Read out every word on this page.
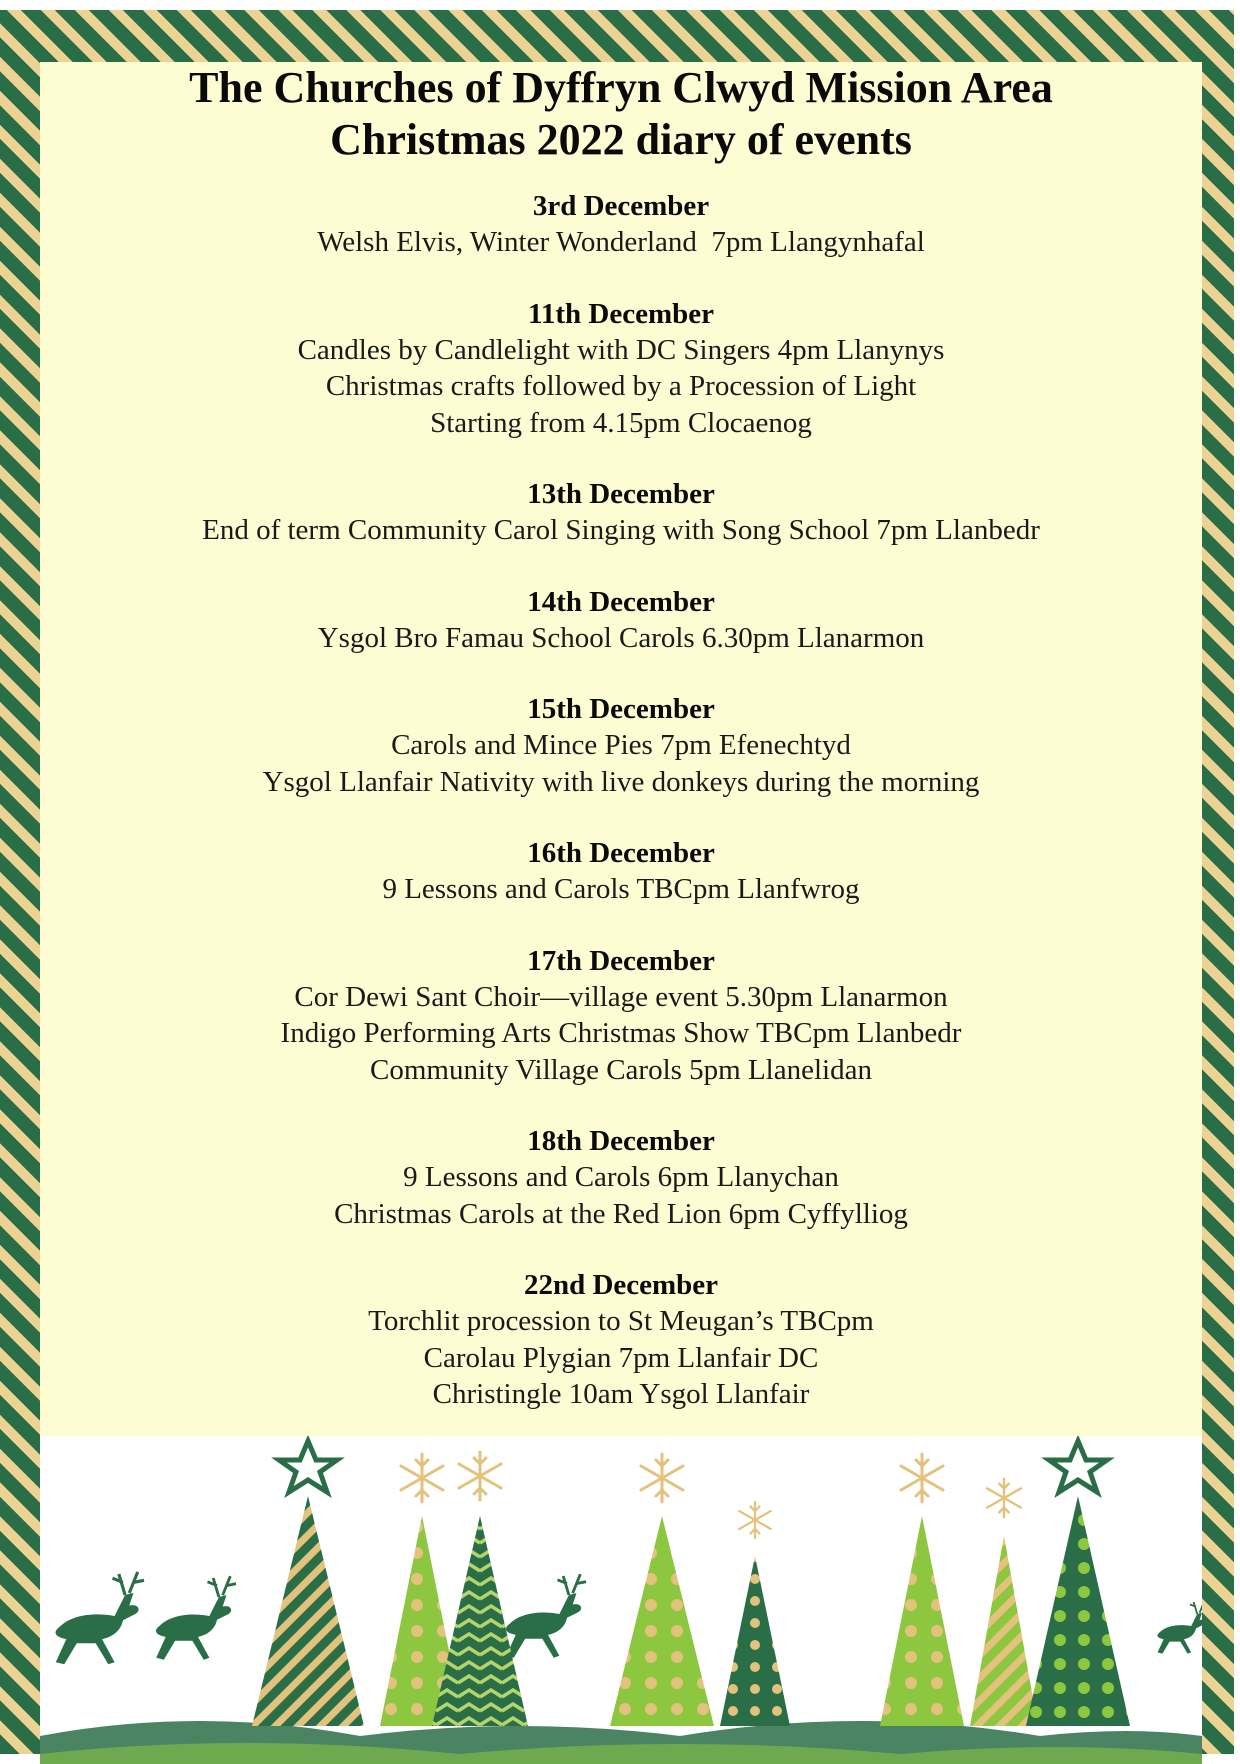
The Churches of Dyffryn Clwyd Mission Area
Christmas 2022 diary of events
3rd December
Welsh Elvis, Winter Wonderland  7pm Llangynhafal
11th December
Candles by Candlelight with DC Singers 4pm Llanynys
Christmas crafts followed by a Procession of Light
Starting from 4.15pm Clocaenog
13th December
End of term Community Carol Singing with Song School 7pm Llanbedr
14th December
Ysgol Bro Famau School Carols 6.30pm Llanarmon
15th December
Carols and Mince Pies 7pm Efenechtyd
Ysgol Llanfair Nativity with live donkeys during the morning
16th December
9 Lessons and Carols TBCpm Llanfwrog
17th December
Cor Dewi Sant Choir—village event 5.30pm Llanarmon
Indigo Performing Arts Christmas Show TBCpm Llanbedr
Community Village Carols 5pm Llanelidan
18th December
9 Lessons and Carols 6pm Llanychan
Christmas Carols at the Red Lion 6pm Cyffylliog
22nd December
Torchlit procession to St Meugan’s TBCpm
Carolau Plygian 7pm Llanfair DC
Christingle 10am Ysgol Llanfair
